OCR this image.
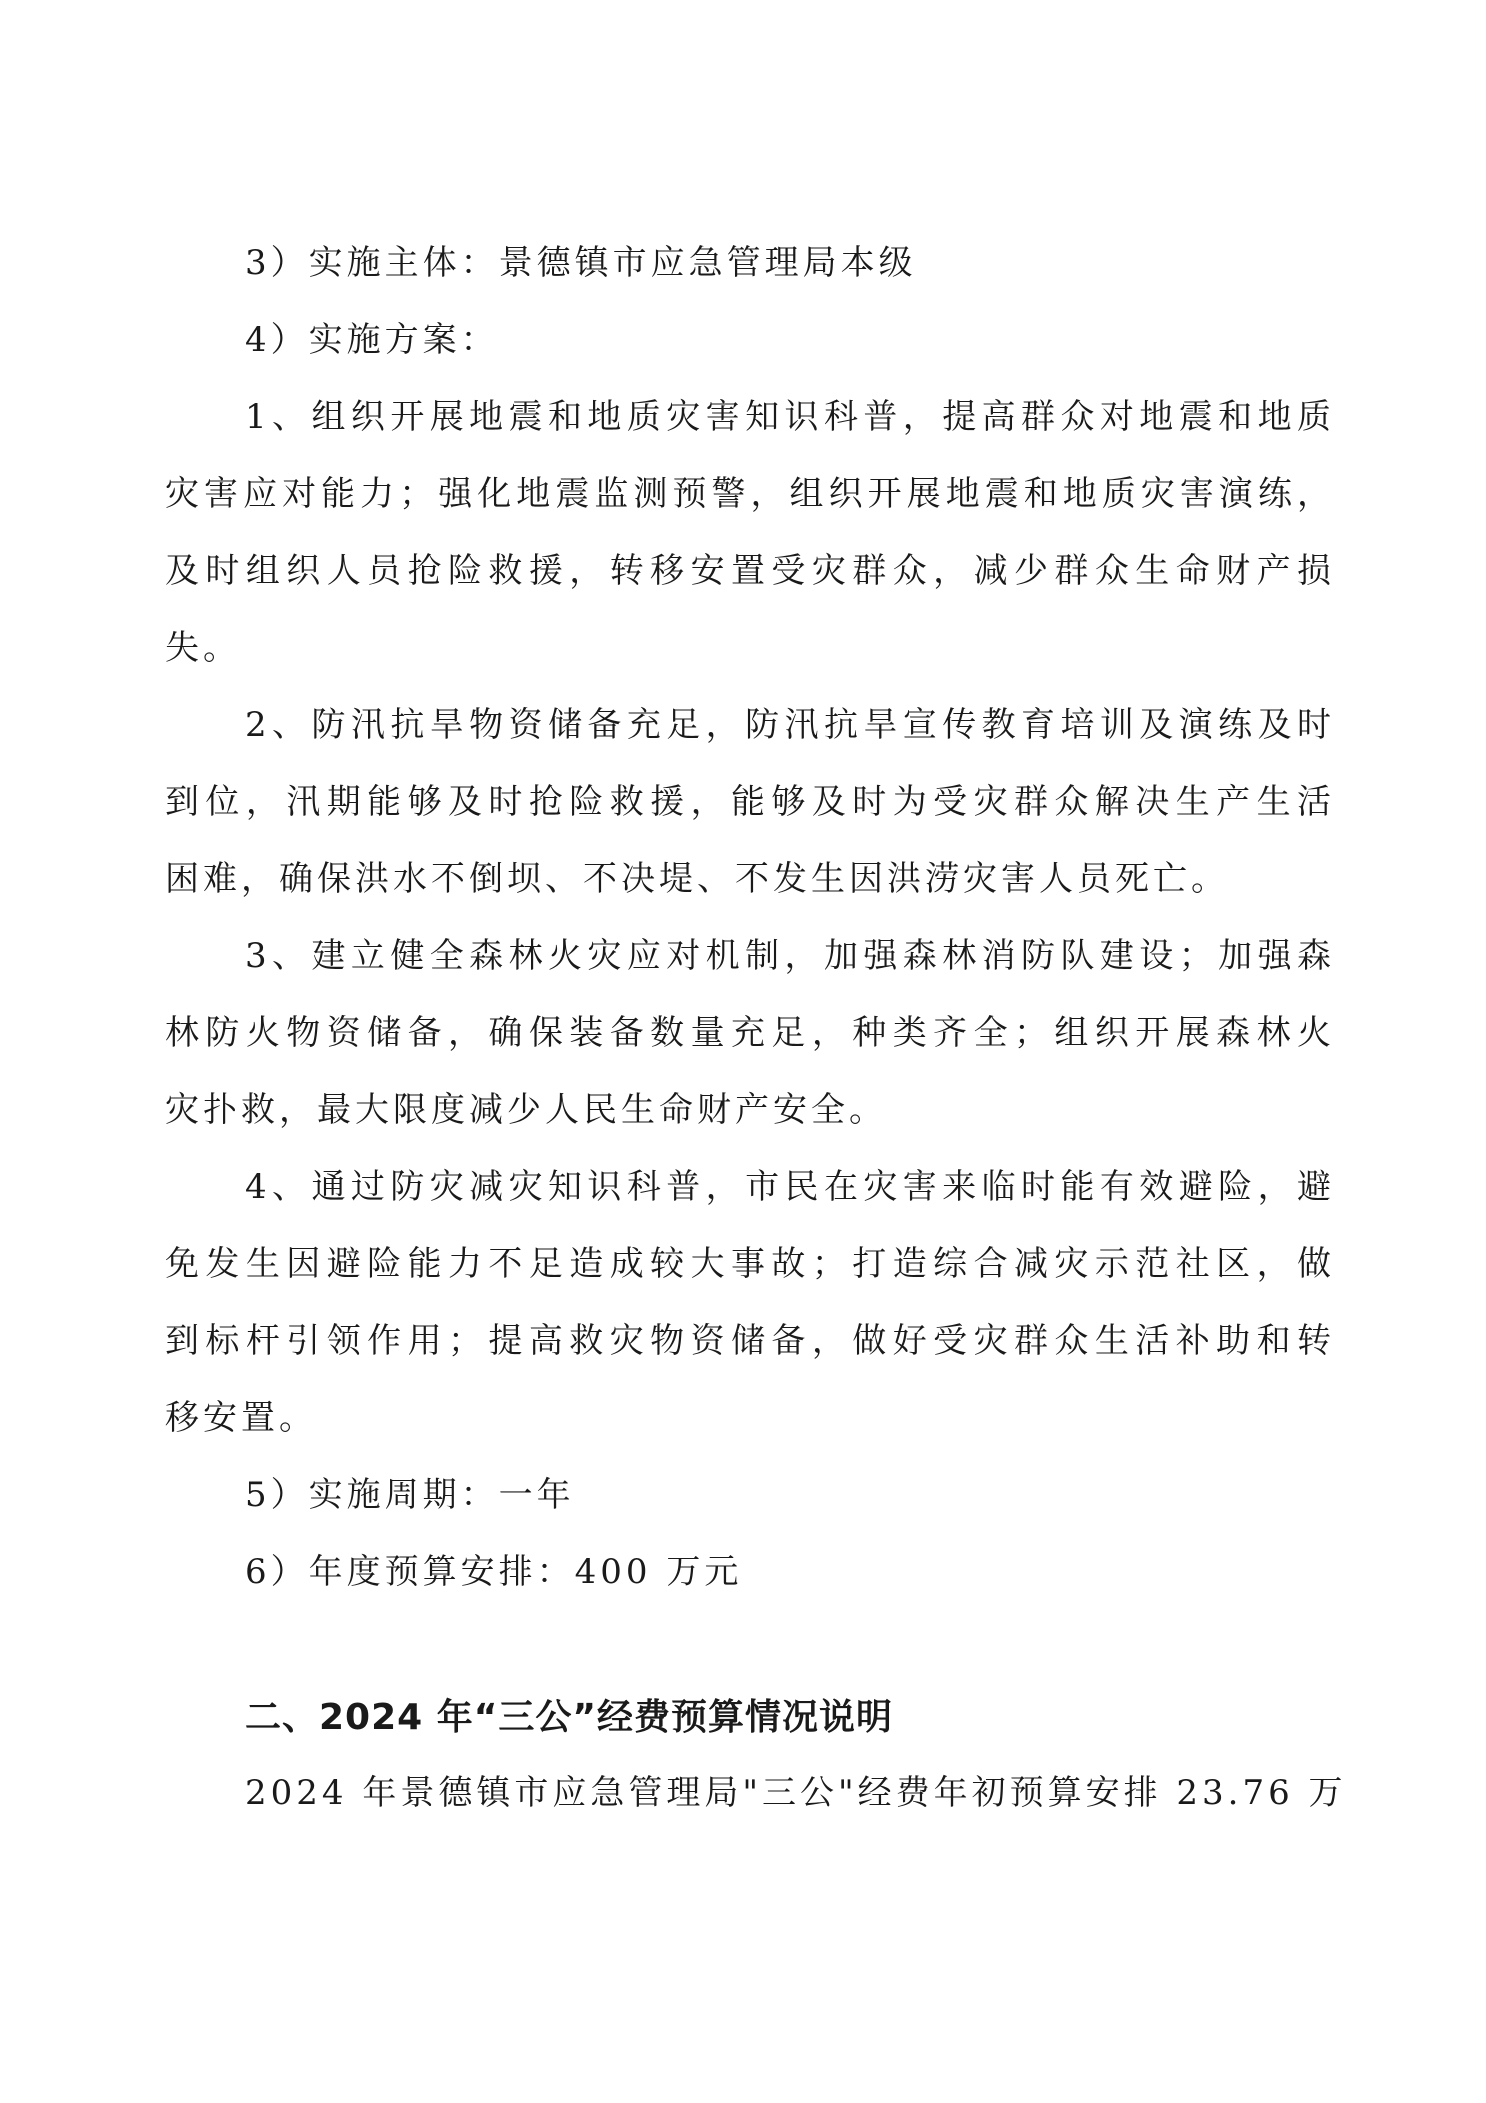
3）实施主体：景德镇市应急管理局本级
4）实施方案：
1、组织开展地震和地质灾害知识科普，提高群众对地震和地质
灾害应对能力；强化地震监测预警，组织开展地震和地质灾害演练，
及时组织人员抢险救援，转移安置受灾群众，减少群众生命财产损
失。
2、防汛抗旱物资储备充足，防汛抗旱宣传教育培训及演练及时
到位，汛期能够及时抢险救援，能够及时为受灾群众解决生产生活
困难，确保洪水不倒坝、不决堤、不发生因洪涝灾害人员死亡。
3、建立健全森林火灾应对机制，加强森林消防队建设；加强森
林防火物资储备，确保装备数量充足，种类齐全；组织开展森林火
灾扑救，最大限度减少人民生命财产安全。
4、通过防灾减灾知识科普，市民在灾害来临时能有效避险，避
免发生因避险能力不足造成较大事故；打造综合减灾示范社区，做
到标杆引领作用；提高救灾物资储备，做好受灾群众生活补助和转
移安置。
5）实施周期：一年
6）年度预算安排：400 万元
二、2024 年“三公”经费预算情况说明
2024 年景德镇市应急管理局"三公"经费年初预算安排 23.76 万
